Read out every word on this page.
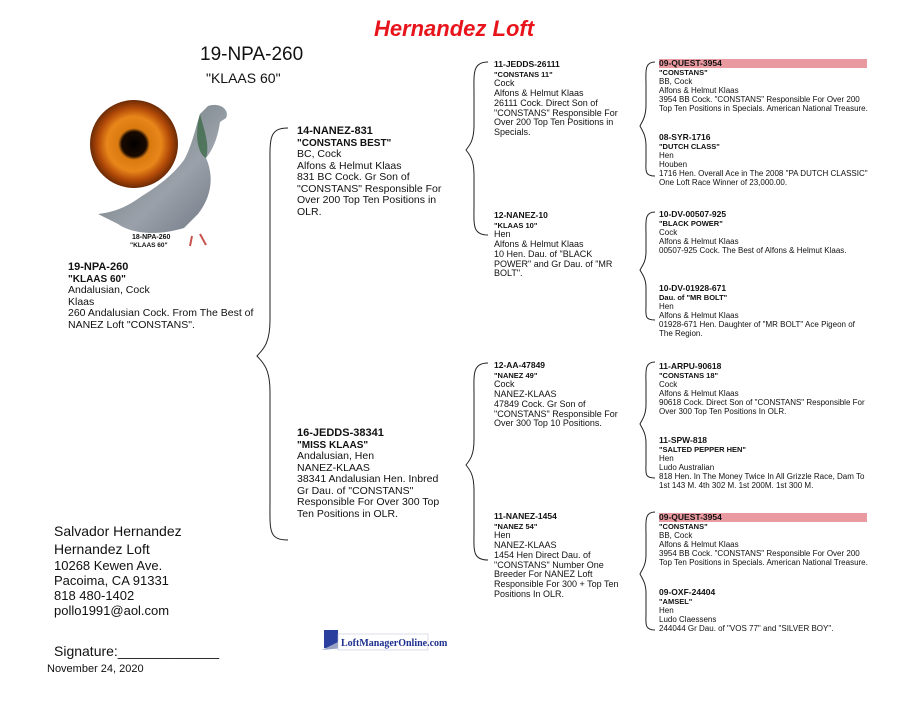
Hernandez Loft
19-NPA-260
"KLAAS 60"
18-NPA-260
"KLAAS 60"
19-NPA-260
"KLAAS 60"
Andalusian, Cock
Klaas
260 Andalusian Cock. From The Best of NANEZ Loft "CONSTANS".
14-NANEZ-831
"CONSTANS BEST"
BC, Cock
Alfons & Helmut Klaas
831 BC Cock. Gr Son of "CONSTANS" Responsible For Over 200 Top Ten Positions in OLR.
16-JEDDS-38341
"MISS KLAAS"
Andalusian, Hen
NANEZ-KLAAS
38341 Andalusian Hen. Inbred Gr Dau. of "CONSTANS" Responsible For Over 300 Top Ten Positions in OLR.
11-JEDDS-26111
"CONSTANS 11"
Cock
Alfons & Helmut Klaas
26111 Cock. Direct Son of "CONSTANS" Responsible For Over 200 Top Ten Positions in Specials.
12-NANEZ-10
"KLAAS 10"
Hen
Alfons & Helmut Klaas
10 Hen. Dau. of "BLACK POWER" and Gr Dau. of "MR BOLT".
12-AA-47849
"NANEZ 49"
Cock
NANEZ-KLAAS
47849 Cock. Gr Son of "CONSTANS" Responsible For Over 300 Top 10 Positions.
11-NANEZ-1454
"NANEZ 54"
Hen
NANEZ-KLAAS
1454 Hen Direct Dau. of "CONSTANS" Number One Breeder For NANEZ Loft Responsible For 300 + Top Ten Positions In OLR.
09-QUEST-3954
"CONSTANS"
BB, Cock
Alfons & Helmut Klaas
3954 BB Cock. "CONSTANS" Responsible For Over 200 Top Ten Positions in Specials. American National Treasure.
08-SYR-1716
"DUTCH CLASS"
Hen
Houben
1716 Hen. Overall Ace in The 2008 "PA DUTCH CLASSIC" One Loft Race Winner of 23,000.00.
10-DV-00507-925
"BLACK POWER"
Cock
Alfons & Helmut Klaas
00507-925 Cock. The Best of Alfons & Helmut Klaas.
10-DV-01928-671
Dau. of "MR BOLT"
Hen
Alfons & Helmut Klaas
01928-671 Hen. Daughter of "MR BOLT" Ace Pigeon of The Region.
11-ARPU-90618
"CONSTANS 18"
Cock
Alfons & Helmut Klaas
90618 Cock. Direct Son of "CONSTANS" Responsible For Over 300 Top Ten Positions In OLR.
11-SPW-818
"SALTED PEPPER HEN"
Hen
Ludo Australian
818 Hen. In The Money Twice In All Grizzle Race, Dam To 1st 143 M. 4th 302 M. 1st 200M. 1st 300 M.
09-QUEST-3954
"CONSTANS"
BB, Cock
Alfons & Helmut Klaas
3954 BB Cock. "CONSTANS" Responsible For Over 200 Top Ten Positions in Specials. American National Treasure.
09-OXF-24404
"AMSEL"
Hen
Ludo Claessens
244044 Gr Dau. of "VOS 77" and "SILVER BOY".
Salvador Hernandez
Hernandez Loft
10268 Kewen Ave.
Pacoima, CA 91331
818 480-1402
pollo1991@aol.com
Signature:_____________
November 24, 2020
LoftManagerOnline.com
